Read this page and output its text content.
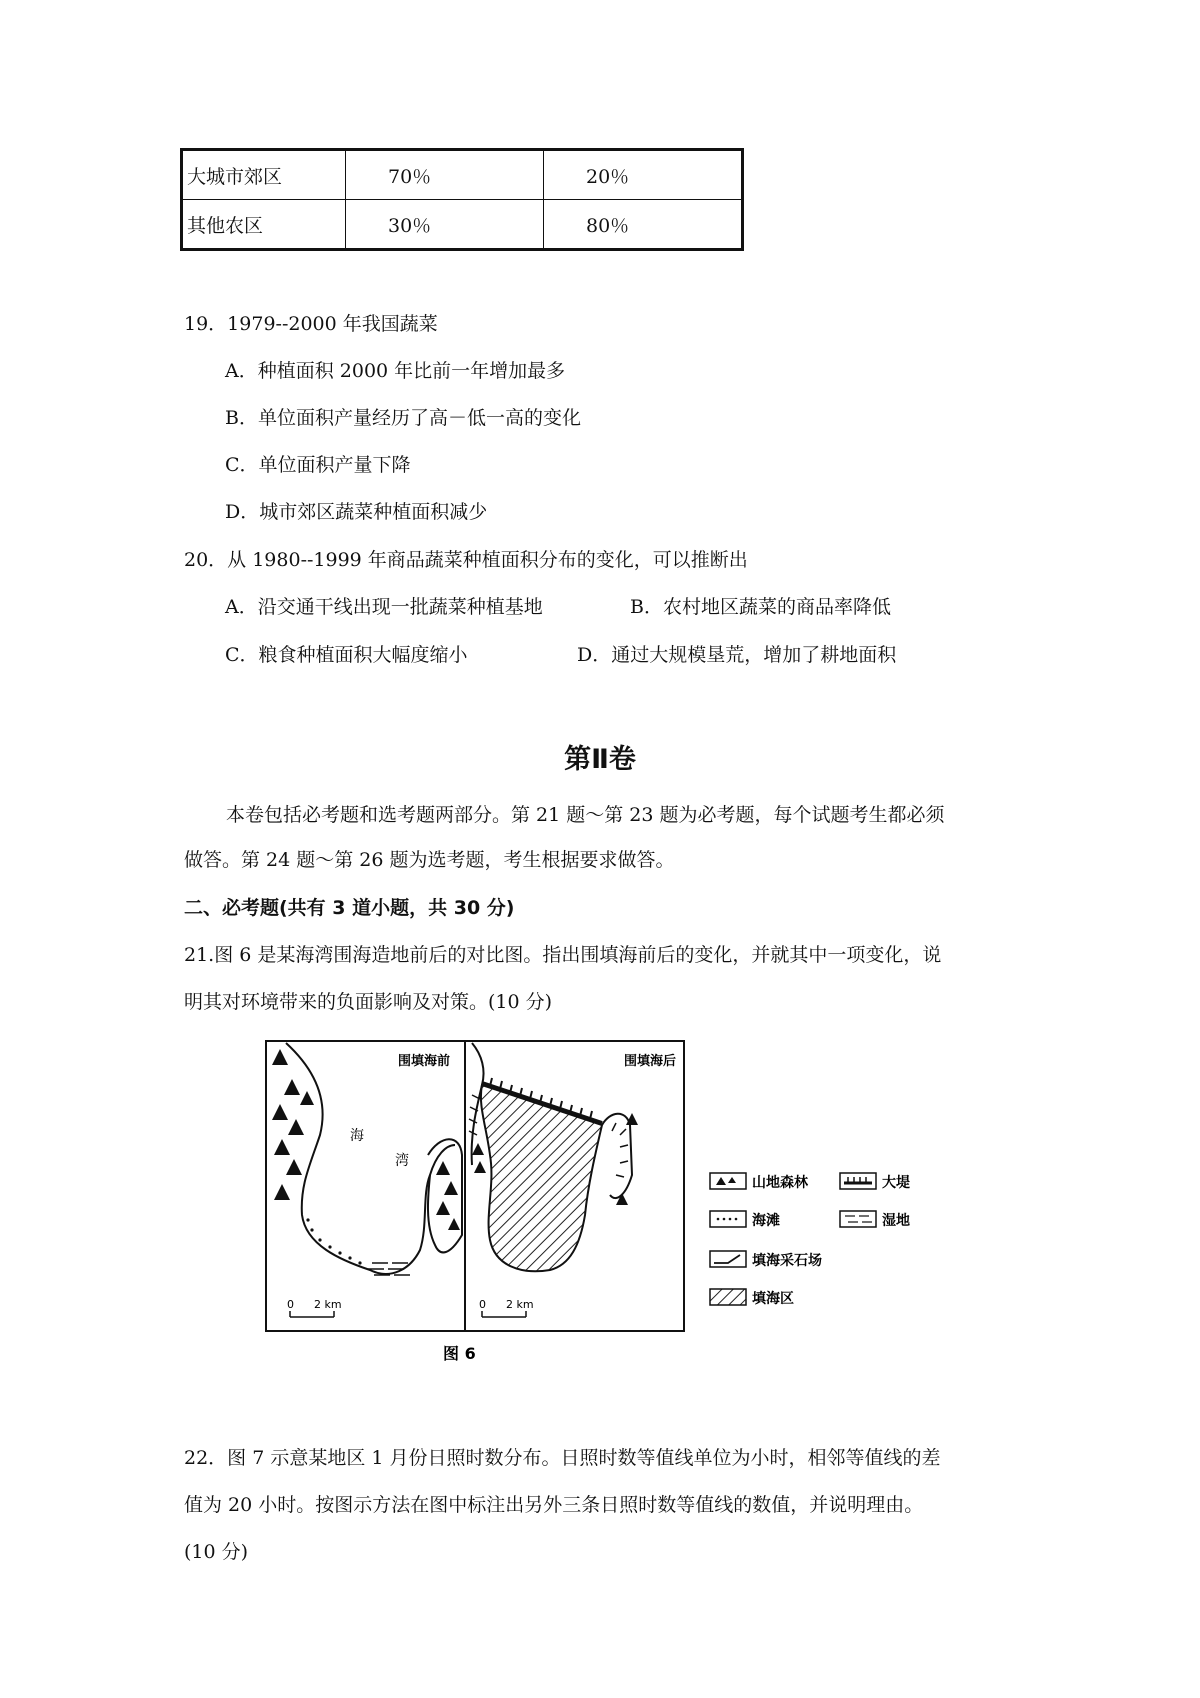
大城市郊区	70％	20％
其他农区	30％	80％
19．1979--2000 年我国蔬菜
A．种植面积 2000 年比前一年增加最多
B．单位面积产量经历了高－低一高的变化
C．单位面积产量下降
D．城市郊区蔬菜种植面积减少
20．从 1980--1999 年商品蔬菜种植面积分布的变化，可以推断出
A．沿交通干线出现一批蔬菜种植基地	B．农村地区蔬菜的商品率降低
C．粮食种植面积大幅度缩小	D．通过大规模垦荒，增加了耕地面积
第Ⅱ卷
本卷包括必考题和选考题两部分。第 21 题～第 23 题为必考题，每个试题考生都必须
做答。第 24 题～第 26 题为选考题，考生根据要求做答。
二、必考题(共有 3 道小题，共 30 分)
21.图 6 是某海湾围海造地前后的对比图。指出围填海前后的变化，并就其中一项变化，说
明其对环境带来的负面影响及对策。(10 分)
围填海前
海
湾
0 2 km
围填海后
0 2 km
山地森林	大堤
海滩	湿地
填海采石场
填海区
图 6
22．图 7 示意某地区 1 月份日照时数分布。日照时数等值线单位为小时，相邻等值线的差
值为 20 小时。按图示方法在图中标注出另外三条日照时数等值线的数值，并说明理由。
(10 分)
